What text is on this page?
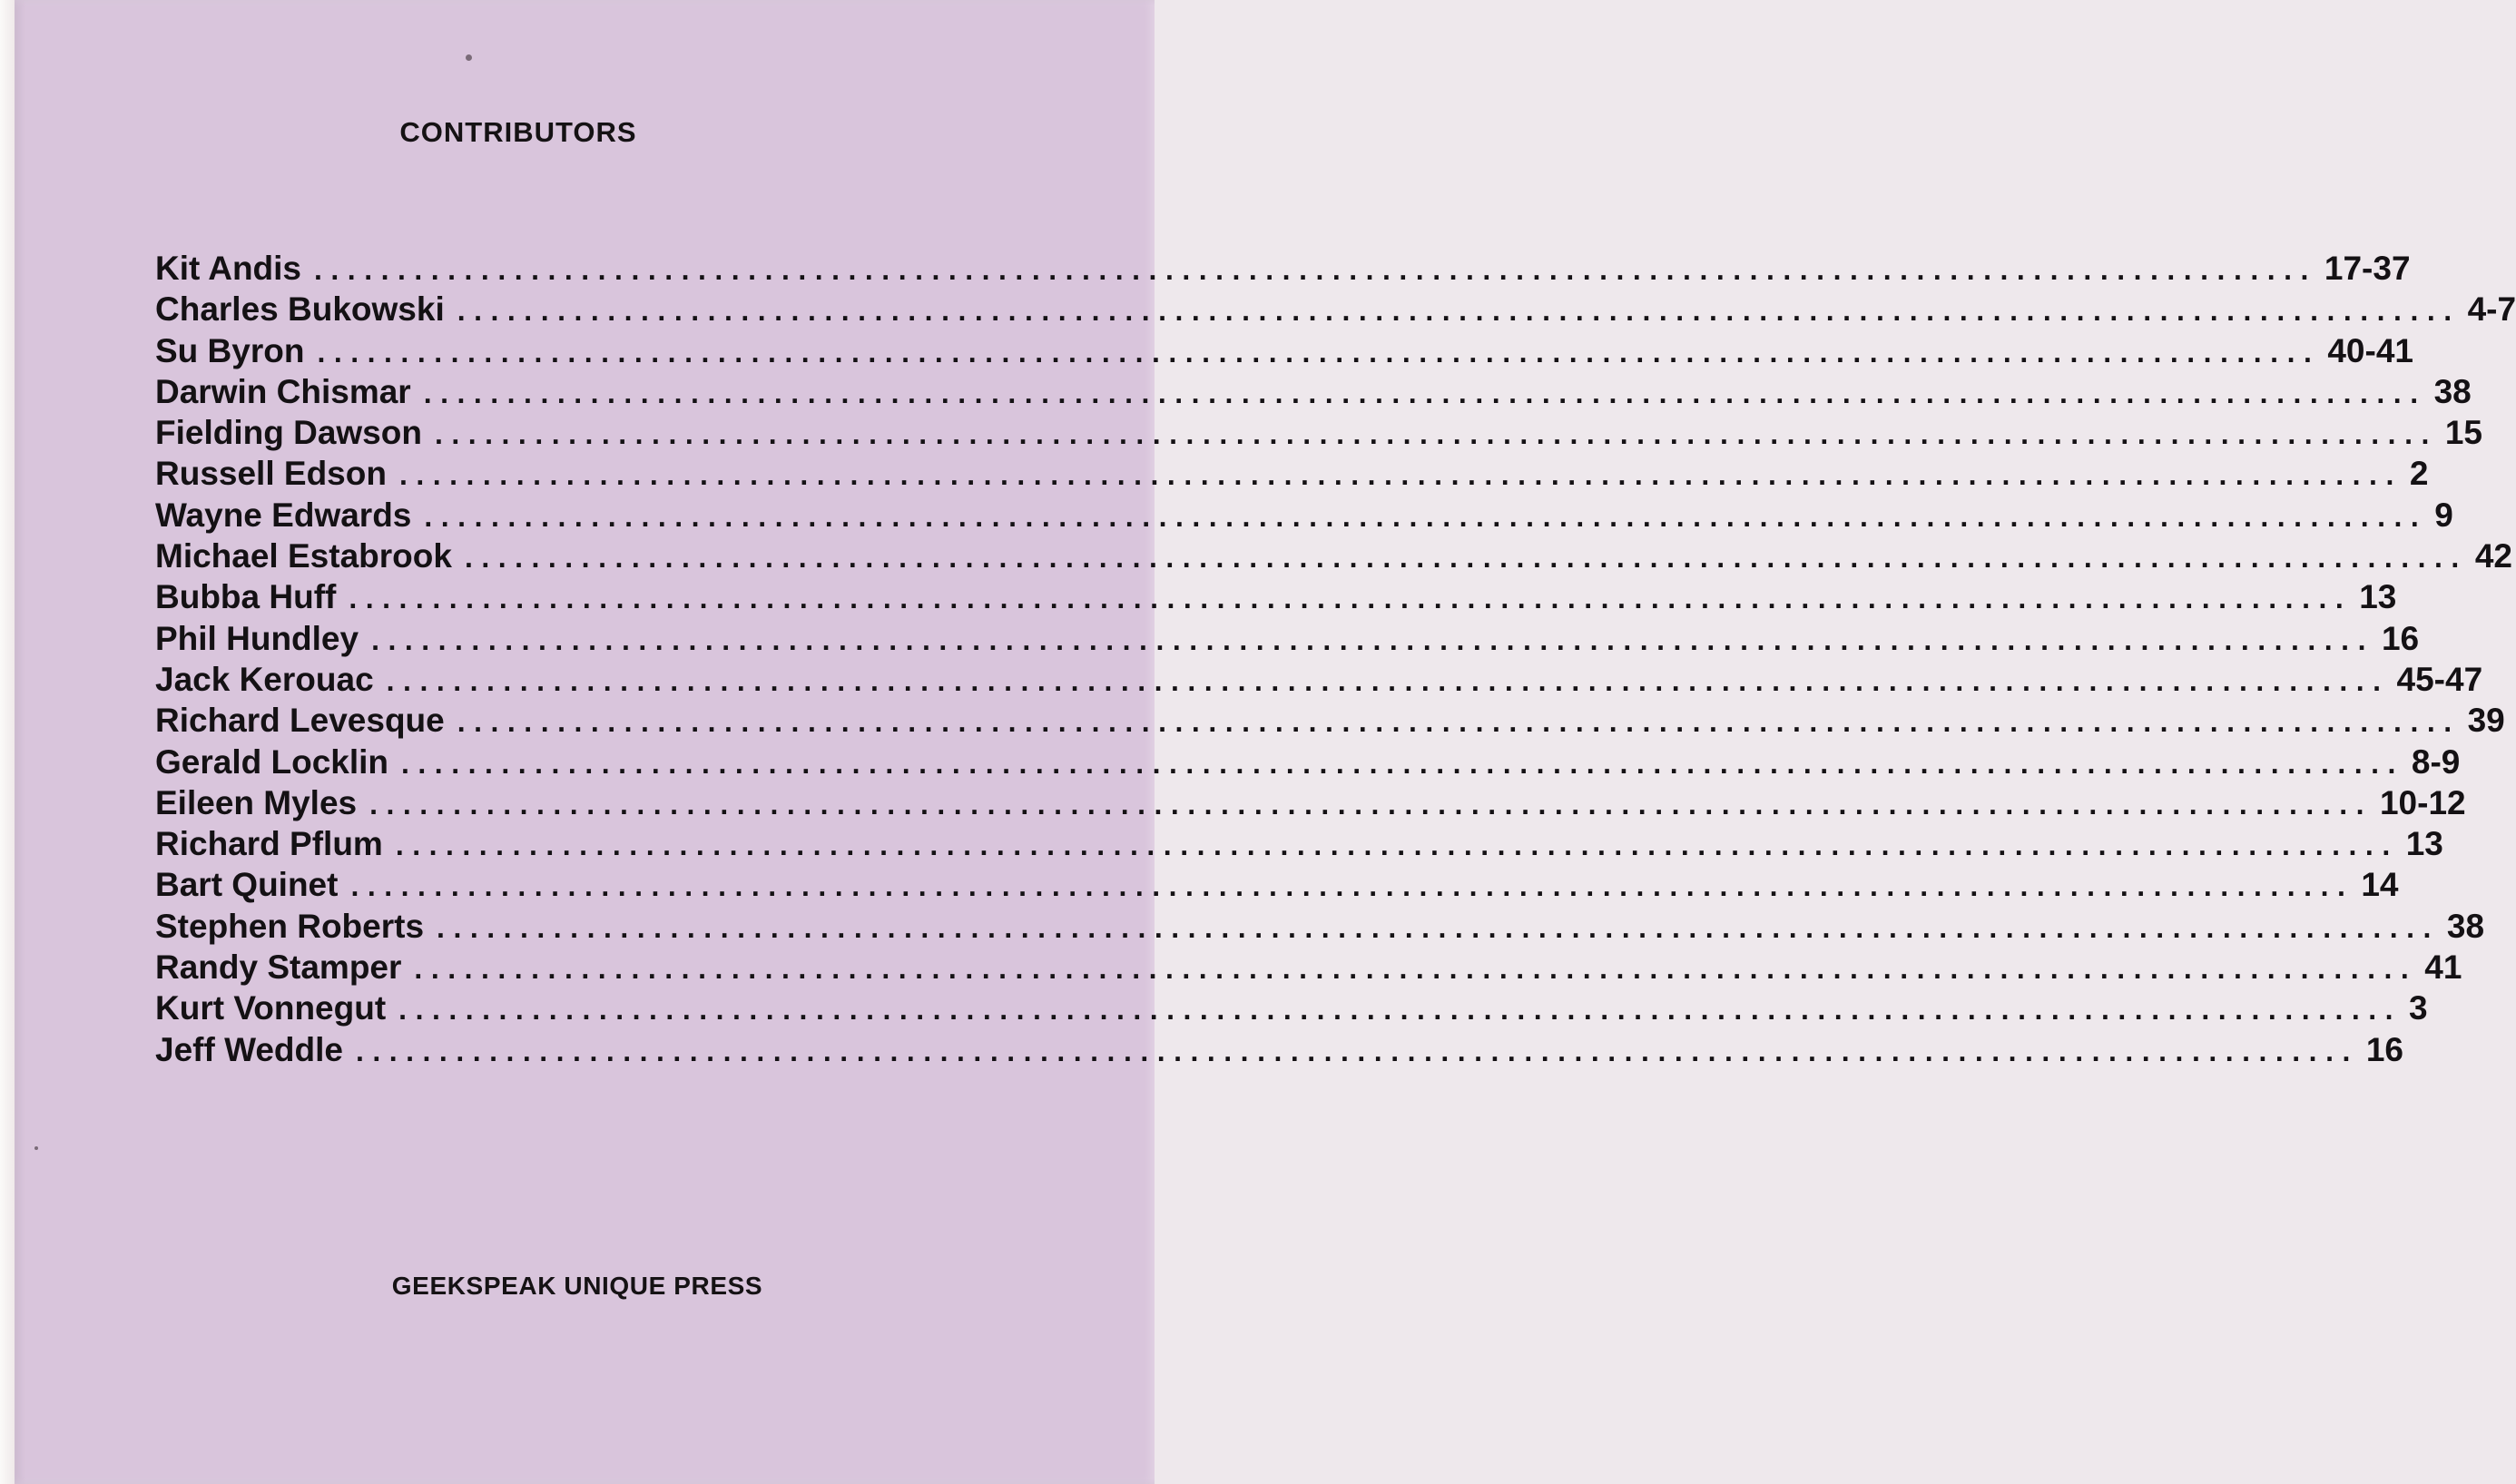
CONTRIBUTORS
Kit Andis ........................................................................................................................ 17-37
Charles Bukowski ........................................................................................................................ 4-7
Su Byron ........................................................................................................................ 40-41
Darwin Chismar ........................................................................................................................ 38
Fielding Dawson ........................................................................................................................ 15
Russell Edson ........................................................................................................................ 2
Wayne Edwards ........................................................................................................................ 9
Michael Estabrook ........................................................................................................................ 42
Bubba Huff ........................................................................................................................ 13
Phil Hundley ........................................................................................................................ 16
Jack Kerouac ........................................................................................................................ 45-47
Richard Levesque ........................................................................................................................ 39
Gerald Locklin ........................................................................................................................ 8-9
Eileen Myles ........................................................................................................................ 10-12
Richard Pflum ........................................................................................................................ 13
Bart Quinet ........................................................................................................................ 14
Stephen Roberts ........................................................................................................................ 38
Randy Stamper ........................................................................................................................ 41
Kurt Vonnegut ........................................................................................................................ 3
Jeff Weddle ........................................................................................................................ 16
GEEKSPEAK UNIQUE PRESS
